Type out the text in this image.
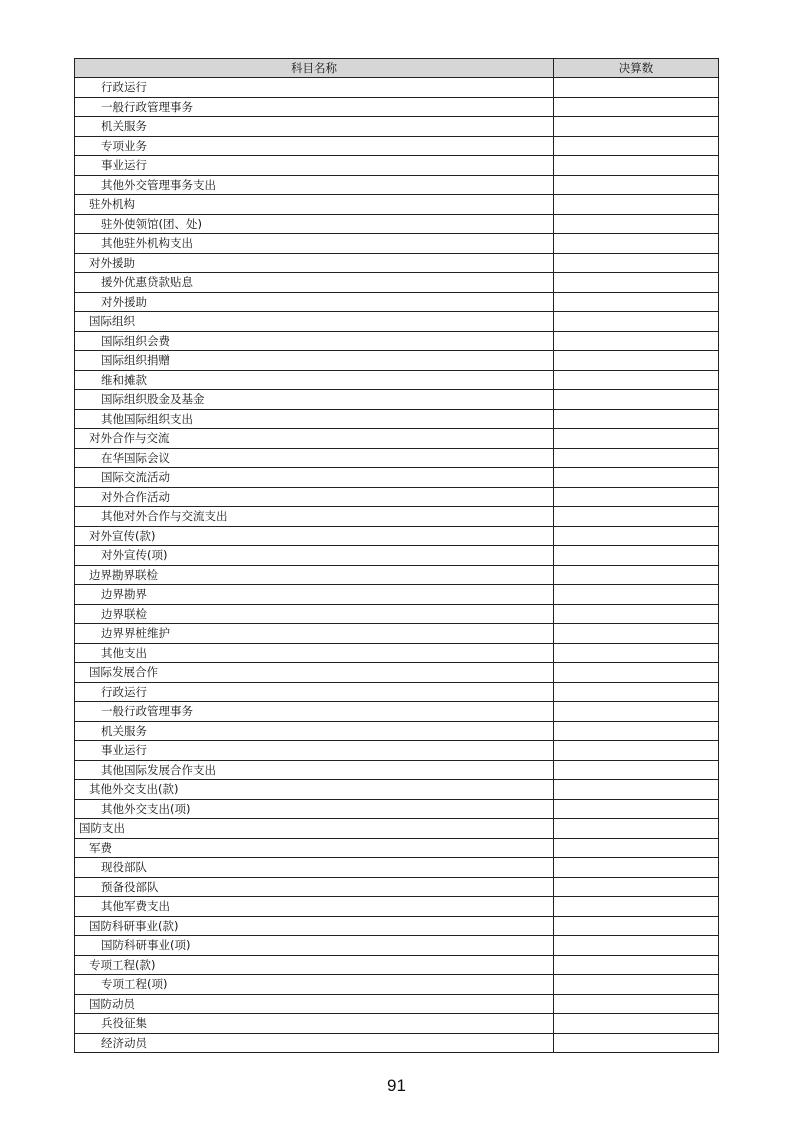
科目名称	决算数
行政运行	
一般行政管理事务	
机关服务	
专项业务	
事业运行	
其他外交管理事务支出	
驻外机构	
驻外使领馆(团、处)	
其他驻外机构支出	
对外援助	
援外优惠贷款贴息	
对外援助	
国际组织	
国际组织会费	
国际组织捐赠	
维和摊款	
国际组织股金及基金	
其他国际组织支出	
对外合作与交流	
在华国际会议	
国际交流活动	
对外合作活动	
其他对外合作与交流支出	
对外宣传(款)	
对外宣传(项)	
边界勘界联检	
边界勘界	
边界联检	
边界界桩维护	
其他支出	
国际发展合作	
行政运行	
一般行政管理事务	
机关服务	
事业运行	
其他国际发展合作支出	
其他外交支出(款)	
其他外交支出(项)	
国防支出	
军费	
现役部队	
预备役部队	
其他军费支出	
国防科研事业(款)	
国防科研事业(项)	
专项工程(款)	
专项工程(项)	
国防动员	
兵役征集	
经济动员	
91
